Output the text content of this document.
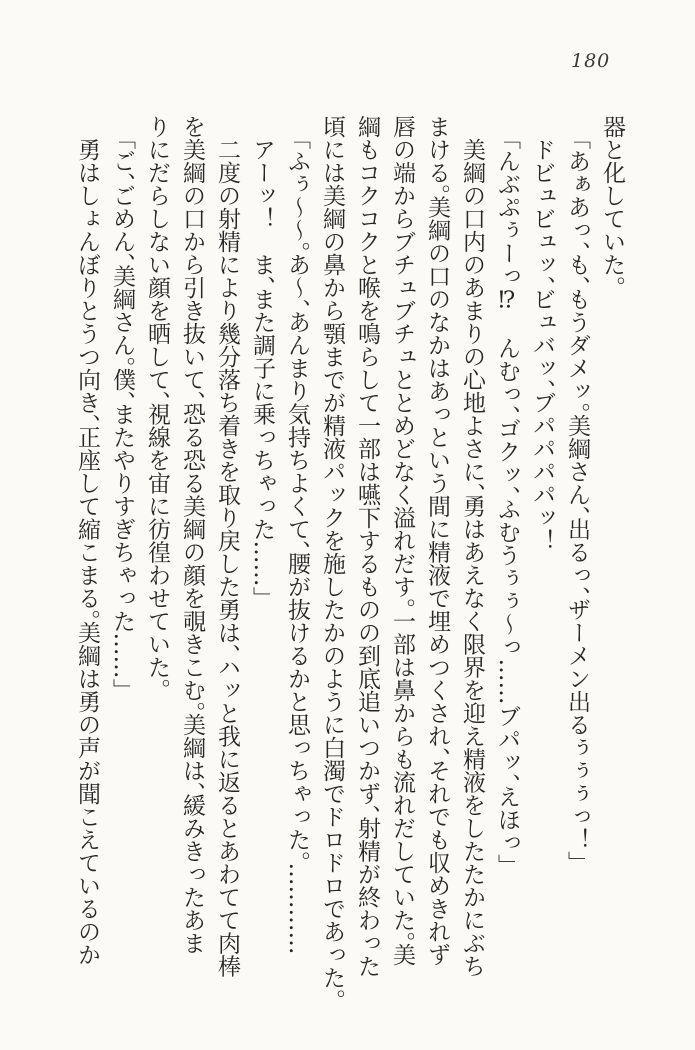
180
器と化していた。
「あぁあっ、も、もうダメッ。美綱さん、出るっ、ザーメン出るぅぅぅっ！」
ドビュビュッ、ビュバッ、ブパパパパッ！
「んぶぷぅーっ⁉　んむっ、ゴクッ、ふむうぅぅ〜っ……ブパッ、えほっ」
美綱の口内のあまりの心地よさに、勇はあえなく限界を迎え精液をしたたかにぶち
まける。美綱の口のなかはあっという間に精液で埋めつくされ、それでも収めきれず
唇の端からブチュブチュととめどなく溢れだす。一部は鼻からも流れだしていた。美
綱もコクコクと喉を鳴らして一部は嚥下するものの到底追いつかず、射精が終わった
頃には美綱の鼻から顎までが精液パックを施したかのように白濁でドロドロであった。
「ふぅ〜〜。あ〜、あんまり気持ちよくて、腰が抜けるかと思っちゃった。…………
アーッ！　ま、また調子に乗っちゃった……」
二度の射精により幾分落ち着きを取り戻した勇は、ハッと我に返るとあわてて肉棒
を美綱の口から引き抜いて、恐る恐る美綱の顔を覗きこむ。美綱は、緩みきったあま
りにだらしない顔を晒して、視線を宙に彷徨わせていた。
「ご、ごめん、美綱さん。僕、またやりすぎちゃった……」
勇はしょんぼりとうつ向き、正座して縮こまる。美綱は勇の声が聞こえているのか
